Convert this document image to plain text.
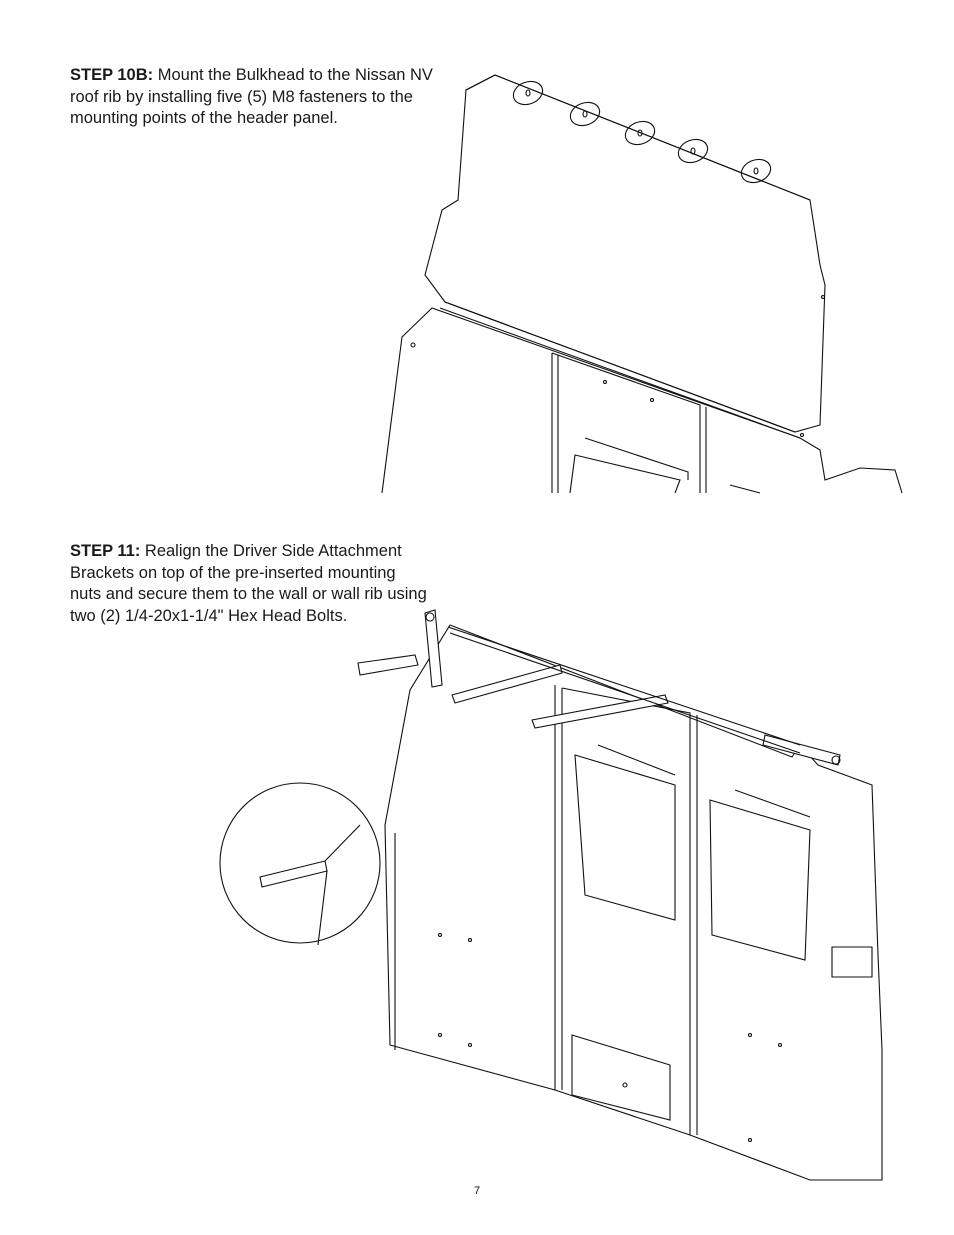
STEP 10B: Mount the Bulkhead to the Nissan NV roof rib by installing five (5) M8 fasteners to the mounting points of the header panel.

STEP 11: Realign the Driver Side Attachment Brackets on top of the pre-inserted mounting nuts and secure them to the wall or wall rib using two (2) 1/4-20x1-1/4" Hex Head Bolts.

7
